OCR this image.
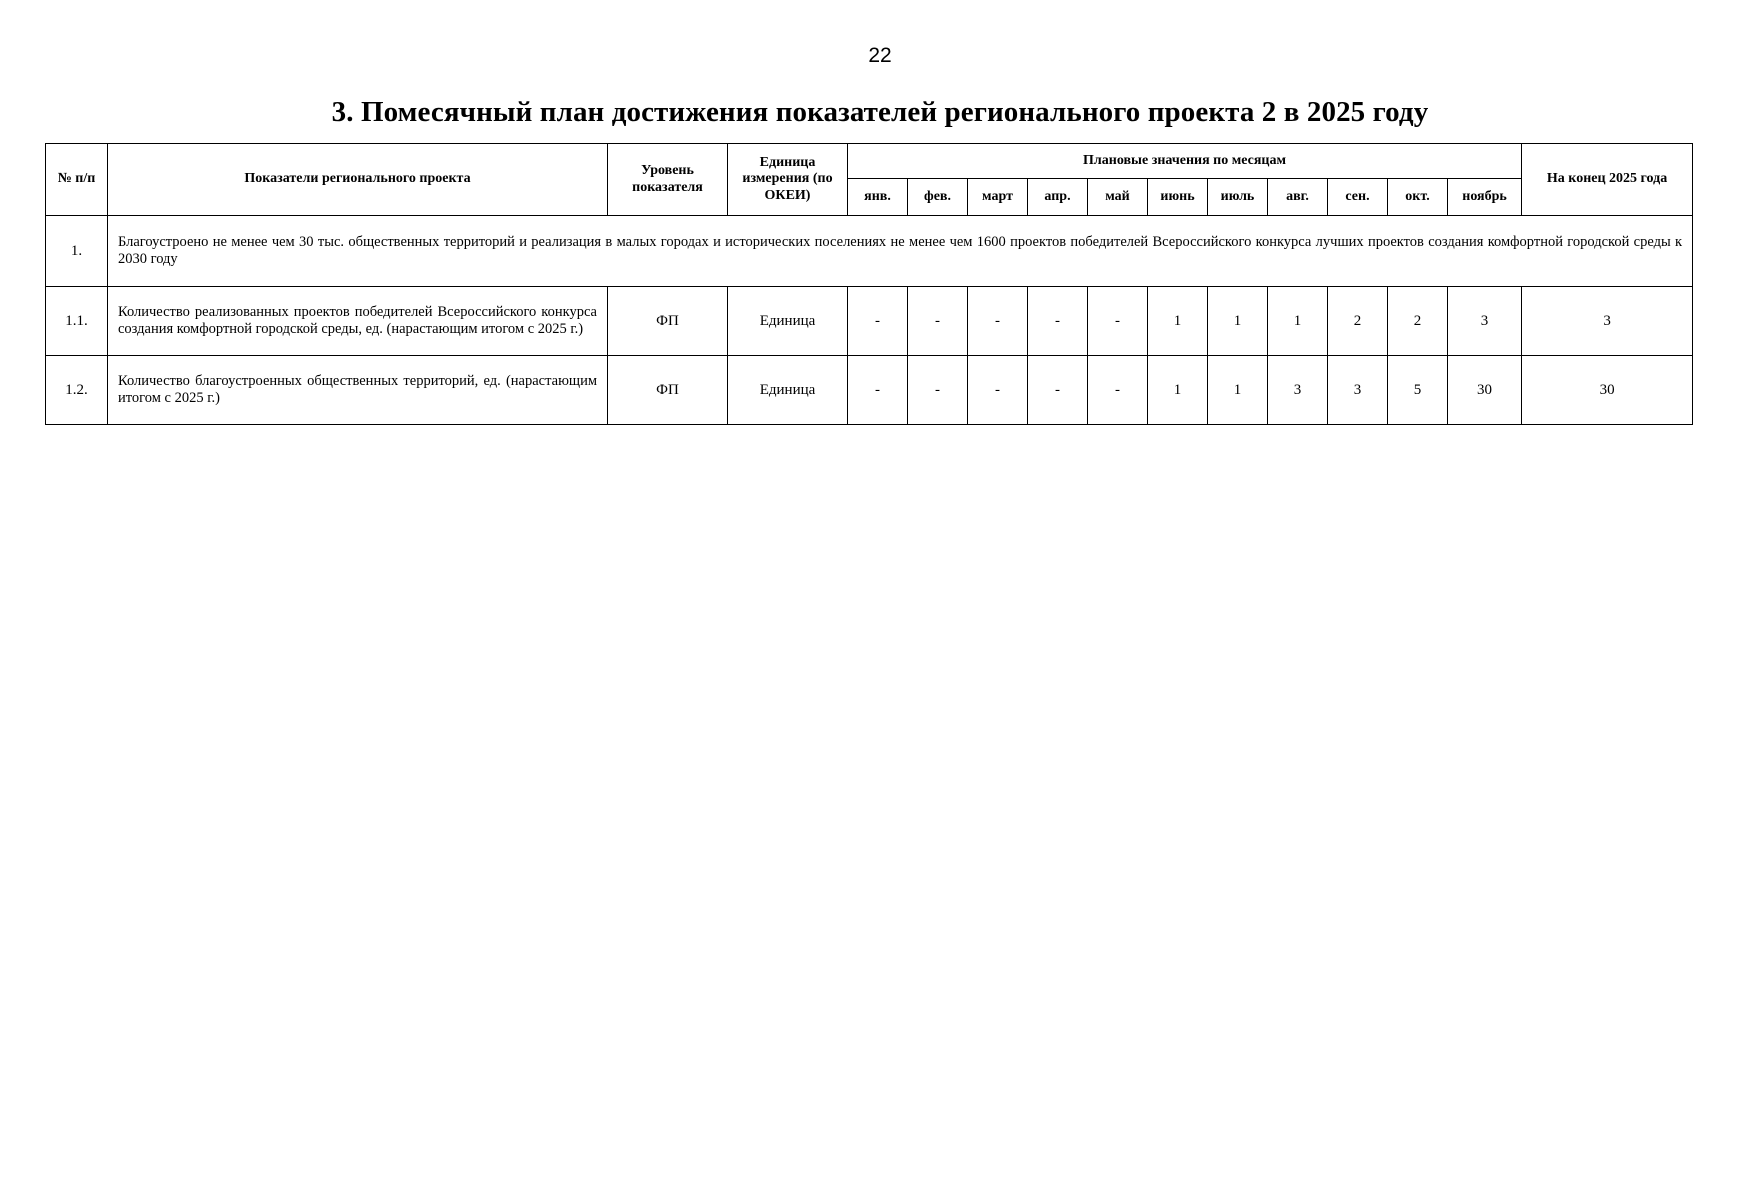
22
3. Помесячный план достижения показателей регионального проекта 2 в 2025 году
№ п/п	Показатели регионального проекта	Уровень показателя	Единица измерения (по ОКЕИ)	Плановые значения по месяцам											На конец 2025 года
				янв.	фев.	март	апр.	май	июнь	июль	авг.	сен.	окт.	ноябрь	
1.	Благоустроено не менее чем 30 тыс. общественных территорий и реализация в малых городах и исторических поселениях не менее чем 1600 проектов победителей Всероссийского конкурса лучших проектов создания комфортной городской среды к 2030 году														
1.1.	Количество реализованных проектов победителей Всероссийского конкурса создания комфортной городской среды, ед. (нарастающим итогом с 2025 г.)	ФП	Единица	-	-	-	-	-	1	1	1	2	2	3	3
1.2.	Количество благоустроенных общественных территорий, ед. (нарастающим итогом с 2025 г.)	ФП	Единица	-	-	-	-	-	1	1	3	3	5	30	30
